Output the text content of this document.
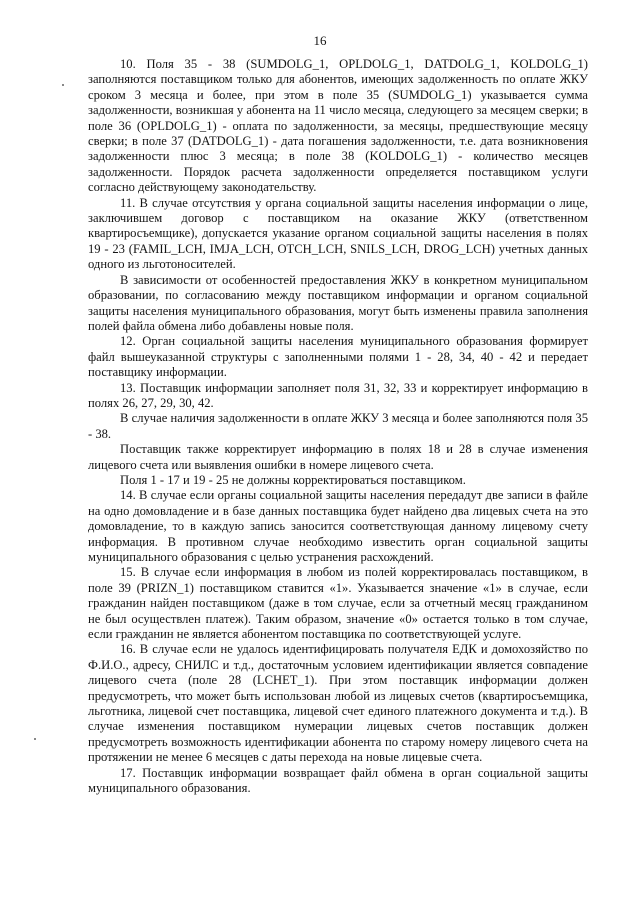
16

10. Поля 35 - 38 (SUMDOLG_1, OPLDOLG_1, DATDOLG_1, KOLDOLG_1) заполняются поставщиком только для абонентов, имеющих задолженность по оплате ЖКУ сроком 3 месяца и более, при этом в поле 35 (SUMDOLG_1) указывается сумма задолженности, возникшая у абонента на 11 число месяца, следующего за месяцем сверки; в поле 36 (OPLDOLG_1) - оплата по задолженности, за месяцы, предшествующие месяцу сверки; в поле 37 (DATDOLG_1) - дата погашения задолженности, т.е. дата возникновения задолженности плюс 3 месяца; в поле 38 (KOLDOLG_1) - количество месяцев задолженности. Порядок расчета задолженности определяется поставщиком услуги согласно действующему законодательству.

11. В случае отсутствия у органа социальной защиты населения информации о лице, заключившем договор с поставщиком на оказание ЖКУ (ответственном квартиросъемщике), допускается указание органом социальной защиты населения в полях 19 - 23 (FAMIL_LCH, IMJA_LCH, OTCH_LCH, SNILS_LCH, DROG_LCH) учетных данных одного из льготоносителей.

В зависимости от особенностей предоставления ЖКУ в конкретном муниципальном образовании, по согласованию между поставщиком информации и органом социальной защиты населения муниципального образования, могут быть изменены правила заполнения полей файла обмена либо добавлены новые поля.

12. Орган социальной защиты населения муниципального образования формирует файл вышеуказанной структуры с заполненными полями 1 - 28, 34, 40 - 42 и передает поставщику информации.

13. Поставщик информации заполняет поля 31, 32, 33 и корректирует информацию в полях 26, 27, 29, 30, 42.

В случае наличия задолженности в оплате ЖКУ 3 месяца и более заполняются поля 35 - 38.

Поставщик также корректирует информацию в полях 18 и 28 в случае изменения лицевого счета или выявления ошибки в номере лицевого счета.

Поля 1 - 17 и 19 - 25 не должны корректироваться поставщиком.

14. В случае если органы социальной защиты населения передадут две записи в файле на одно домовладение и в базе данных поставщика будет найдено два лицевых счета на это домовладение, то в каждую запись заносится соответствующая данному лицевому счету информация. В противном случае необходимо известить орган социальной защиты муниципального образования с целью устранения расхождений.

15. В случае если информация в любом из полей корректировалась поставщиком, в поле 39 (PRIZN_1) поставщиком ставится «1». Указывается значение «1» в случае, если гражданин найден поставщиком (даже в том случае, если за отчетный месяц гражданином не был осуществлен платеж). Таким образом, значение «0» остается только в том случае, если гражданин не является абонентом поставщика по соответствующей услуге.

16. В случае если не удалось идентифицировать получателя ЕДК и домохозяйство по Ф.И.О., адресу, СНИЛС и т.д., достаточным условием идентификации является совпадение лицевого счета (поле 28 (LCHET_1). При этом поставщик информации должен предусмотреть, что может быть использован любой из лицевых счетов (квартиросъемщика, льготника, лицевой счет поставщика, лицевой счет единого платежного документа и т.д.). В случае изменения поставщиком нумерации лицевых счетов поставщик должен предусмотреть возможность идентификации абонента по старому номеру лицевого счета на протяжении не менее 6 месяцев с даты перехода на новые лицевые счета.

17. Поставщик информации возвращает файл обмена в орган социальной защиты муниципального образования.
